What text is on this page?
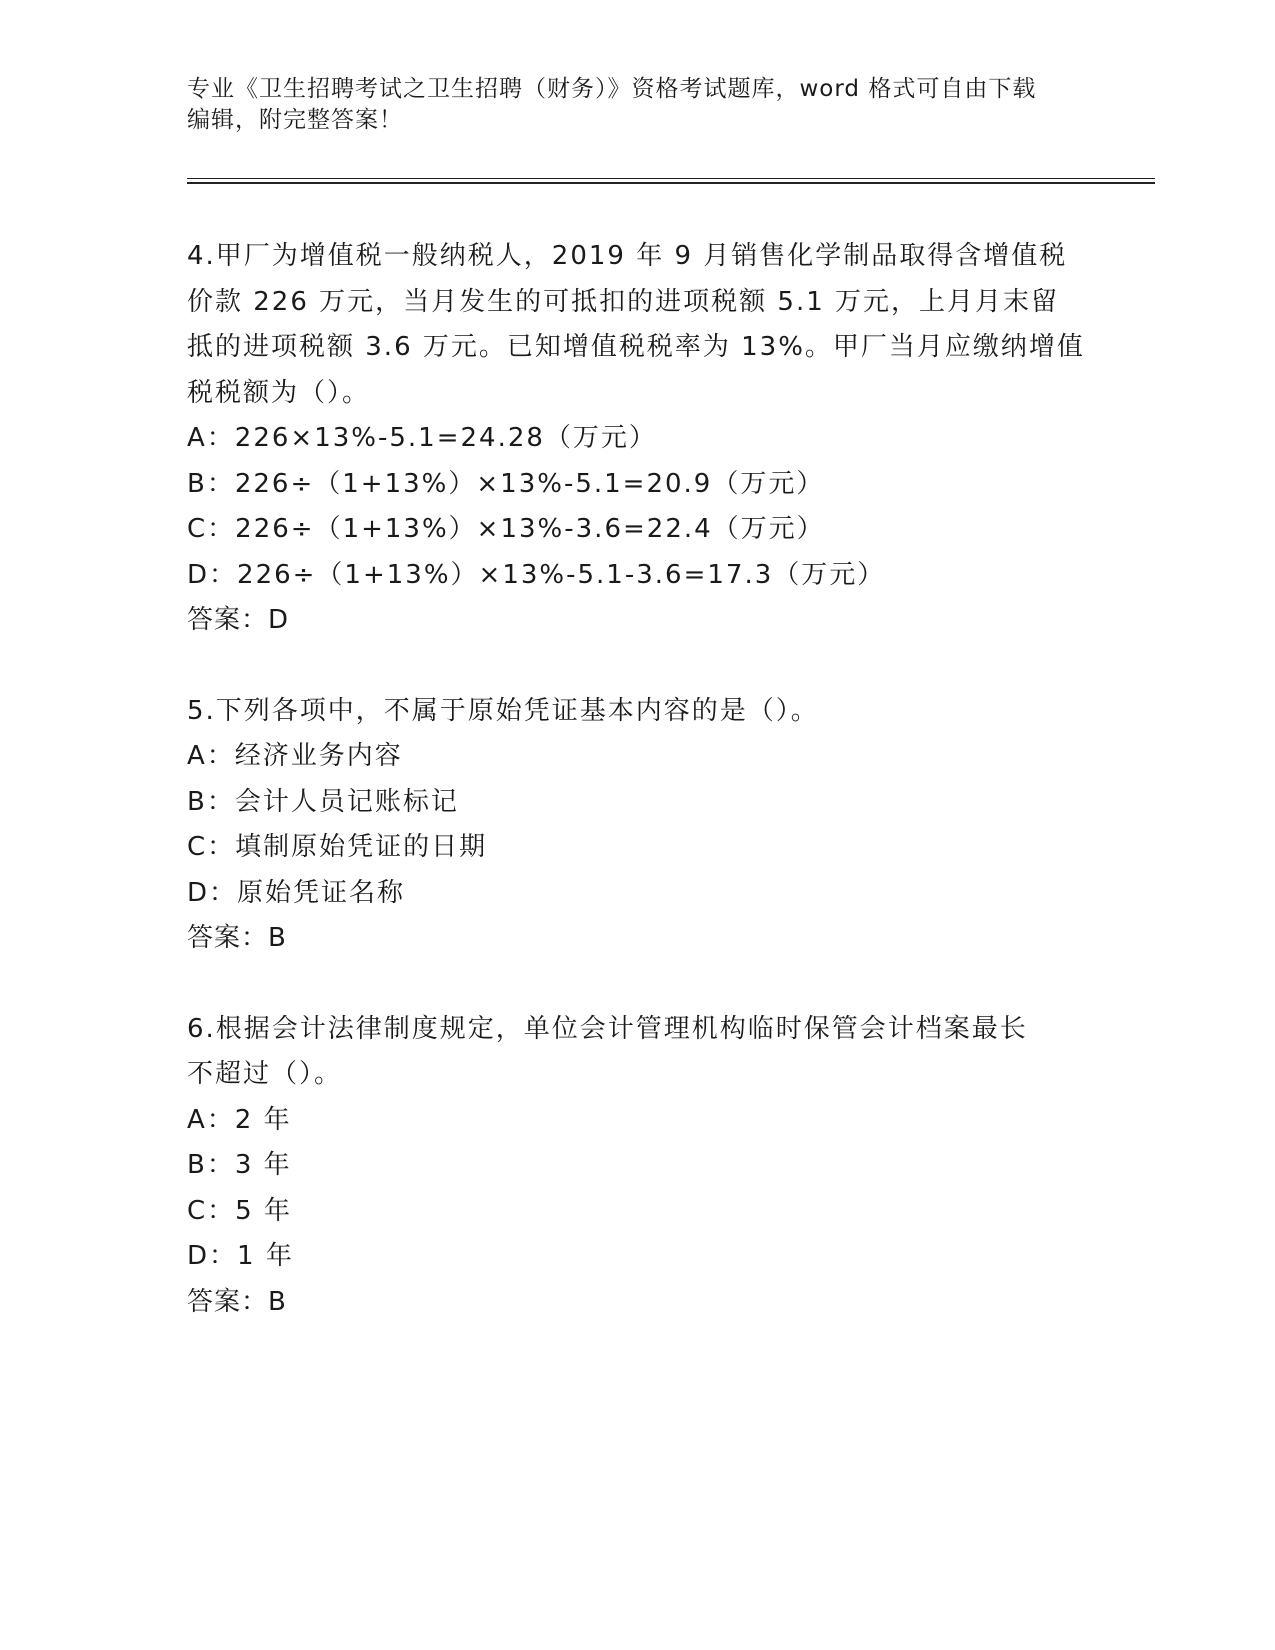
专业《卫生招聘考试之卫生招聘（财务）》资格考试题库，word 格式可自由下载
编辑，附完整答案！
4.甲厂为增值税一般纳税人，2019 年 9 月销售化学制品取得含增值税
价款 226 万元，当月发生的可抵扣的进项税额 5.1 万元，上月月末留
抵的进项税额 3.6 万元。已知增值税税率为 13%。甲厂当月应缴纳增值
税税额为（）。
A：226×13%-5.1=24.28（万元）
B：226÷（1+13%）×13%-5.1=20.9（万元）
C：226÷（1+13%）×13%-3.6=22.4（万元）
D：226÷（1+13%）×13%-5.1-3.6=17.3（万元）
答案：D
5.下列各项中，不属于原始凭证基本内容的是（）。
A：经济业务内容
B：会计人员记账标记
C：填制原始凭证的日期
D：原始凭证名称
答案：B
6.根据会计法律制度规定，单位会计管理机构临时保管会计档案最长
不超过（）。
A：2 年
B：3 年
C：5 年
D：1 年
答案：B
